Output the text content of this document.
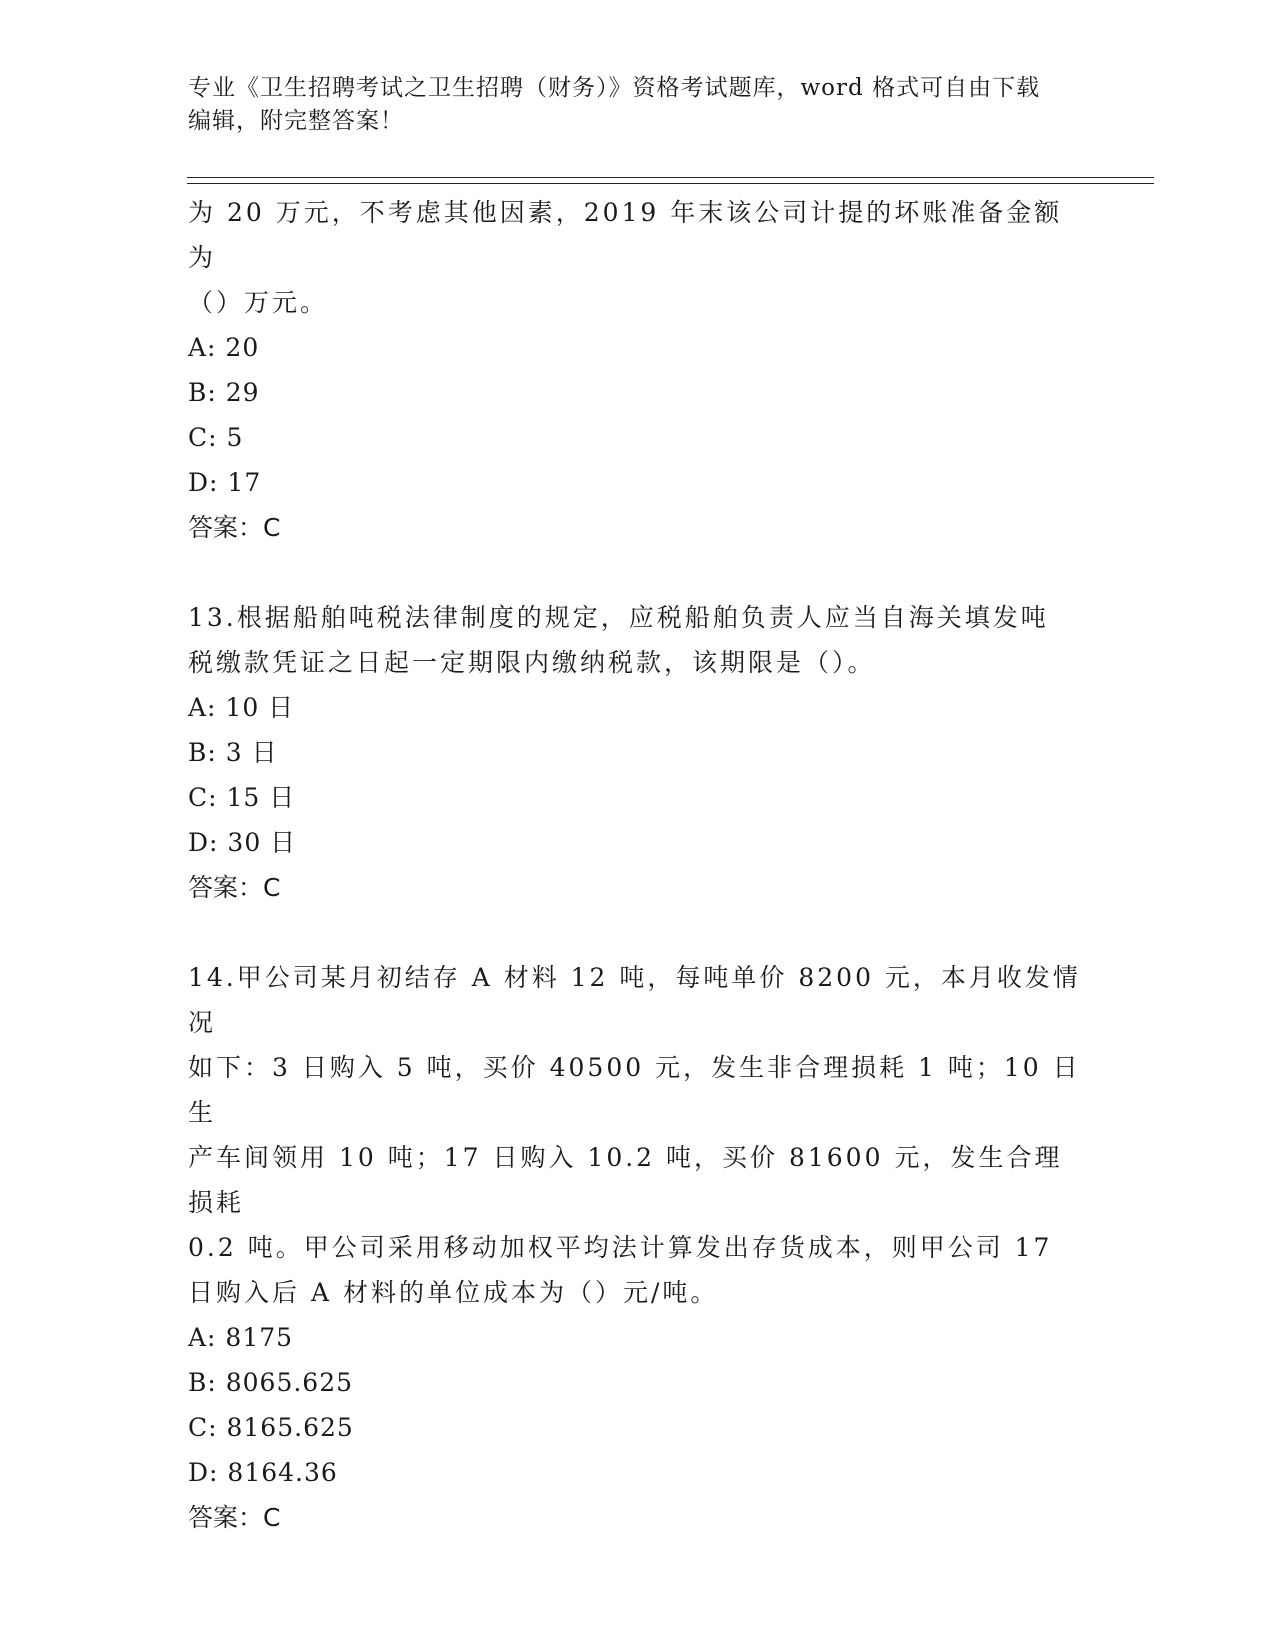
专业《卫生招聘考试之卫生招聘（财务）》资格考试题库，word 格式可自由下载
编辑，附完整答案！

为 20 万元，不考虑其他因素，2019 年末该公司计提的坏账准备金额为

（）万元。

A: 20

B: 29

C: 5

D: 17

答案：C

13.根据船舶吨税法律制度的规定，应税船舶负责人应当自海关填发吨

税缴款凭证之日起一定期限内缴纳税款，该期限是（）。

A: 10 日

B: 3 日

C: 15 日

D: 30 日

答案：C

14.甲公司某月初结存 A 材料 12 吨，每吨单价 8200 元，本月收发情况

如下：3 日购入 5 吨，买价 40500 元，发生非合理损耗 1 吨；10 日生

产车间领用 10 吨；17 日购入 10.2 吨，买价 81600 元，发生合理损耗

0.2 吨。甲公司采用移动加权平均法计算发出存货成本，则甲公司 17

日购入后 A 材料的单位成本为（）元/吨。

A: 8175

B: 8065.625

C: 8165.625

D: 8164.36

答案：C
